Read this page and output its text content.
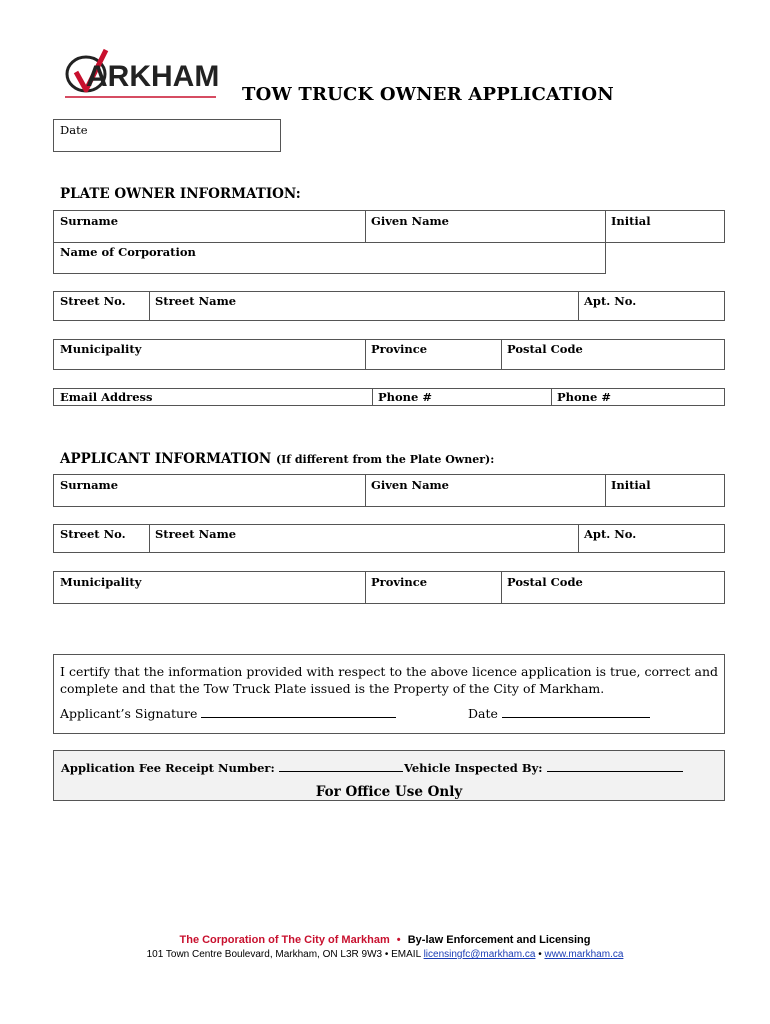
ARKHAM
TOW TRUCK OWNER APPLICATION
Date
PLATE OWNER INFORMATION:
Surname	Given Name	Initial
Name of Corporation
Street No.	Street Name	Apt. No.
Municipality	Province	Postal Code
Email Address	Phone #	Phone #
APPLICANT INFORMATION (If different from the Plate Owner):
Surname	Given Name	Initial
Street No.	Street Name	Apt. No.
Municipality	Province	Postal Code
I certify that the information provided with respect to the above licence application is true, correct and complete and that the Tow Truck Plate issued is the Property of the City of Markham.
Applicant’s Signature	Date
Application Fee Receipt Number:	Vehicle Inspected By:
For Office Use Only
The Corporation of The City of Markham • By-law Enforcement and Licensing
101 Town Centre Boulevard, Markham, ON L3R 9W3 • EMAIL licensingfc@markham.ca • www.markham.ca
